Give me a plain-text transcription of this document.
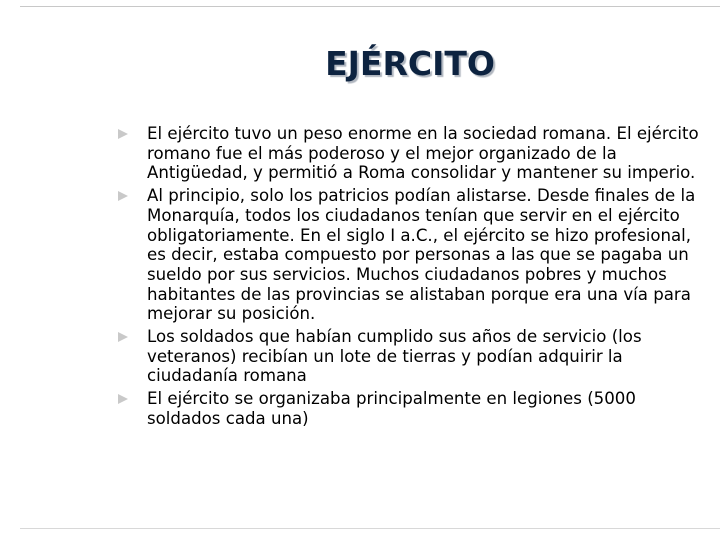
EJÉRCITO
El ejército tuvo un peso enorme en la sociedad romana. El ejército romano fue el más poderoso y el mejor organizado de la Antigüedad, y permitió a Roma consolidar y mantener su imperio.
Al principio, solo los patricios podían alistarse. Desde finales de la Monarquía, todos los ciudadanos tenían que servir en el ejército obligatoriamente. En el siglo I a.C., el ejército se hizo profesional, es decir, estaba compuesto por personas a las que se pagaba un sueldo por sus servicios. Muchos ciudadanos pobres y muchos habitantes de las provincias se alistaban porque era una vía para mejorar su posición.
Los soldados que habían cumplido sus años de servicio (los veteranos) recibían un lote de tierras y podían adquirir la ciudadanía romana
El ejército se organizaba principalmente en legiones (5000 soldados cada una)
